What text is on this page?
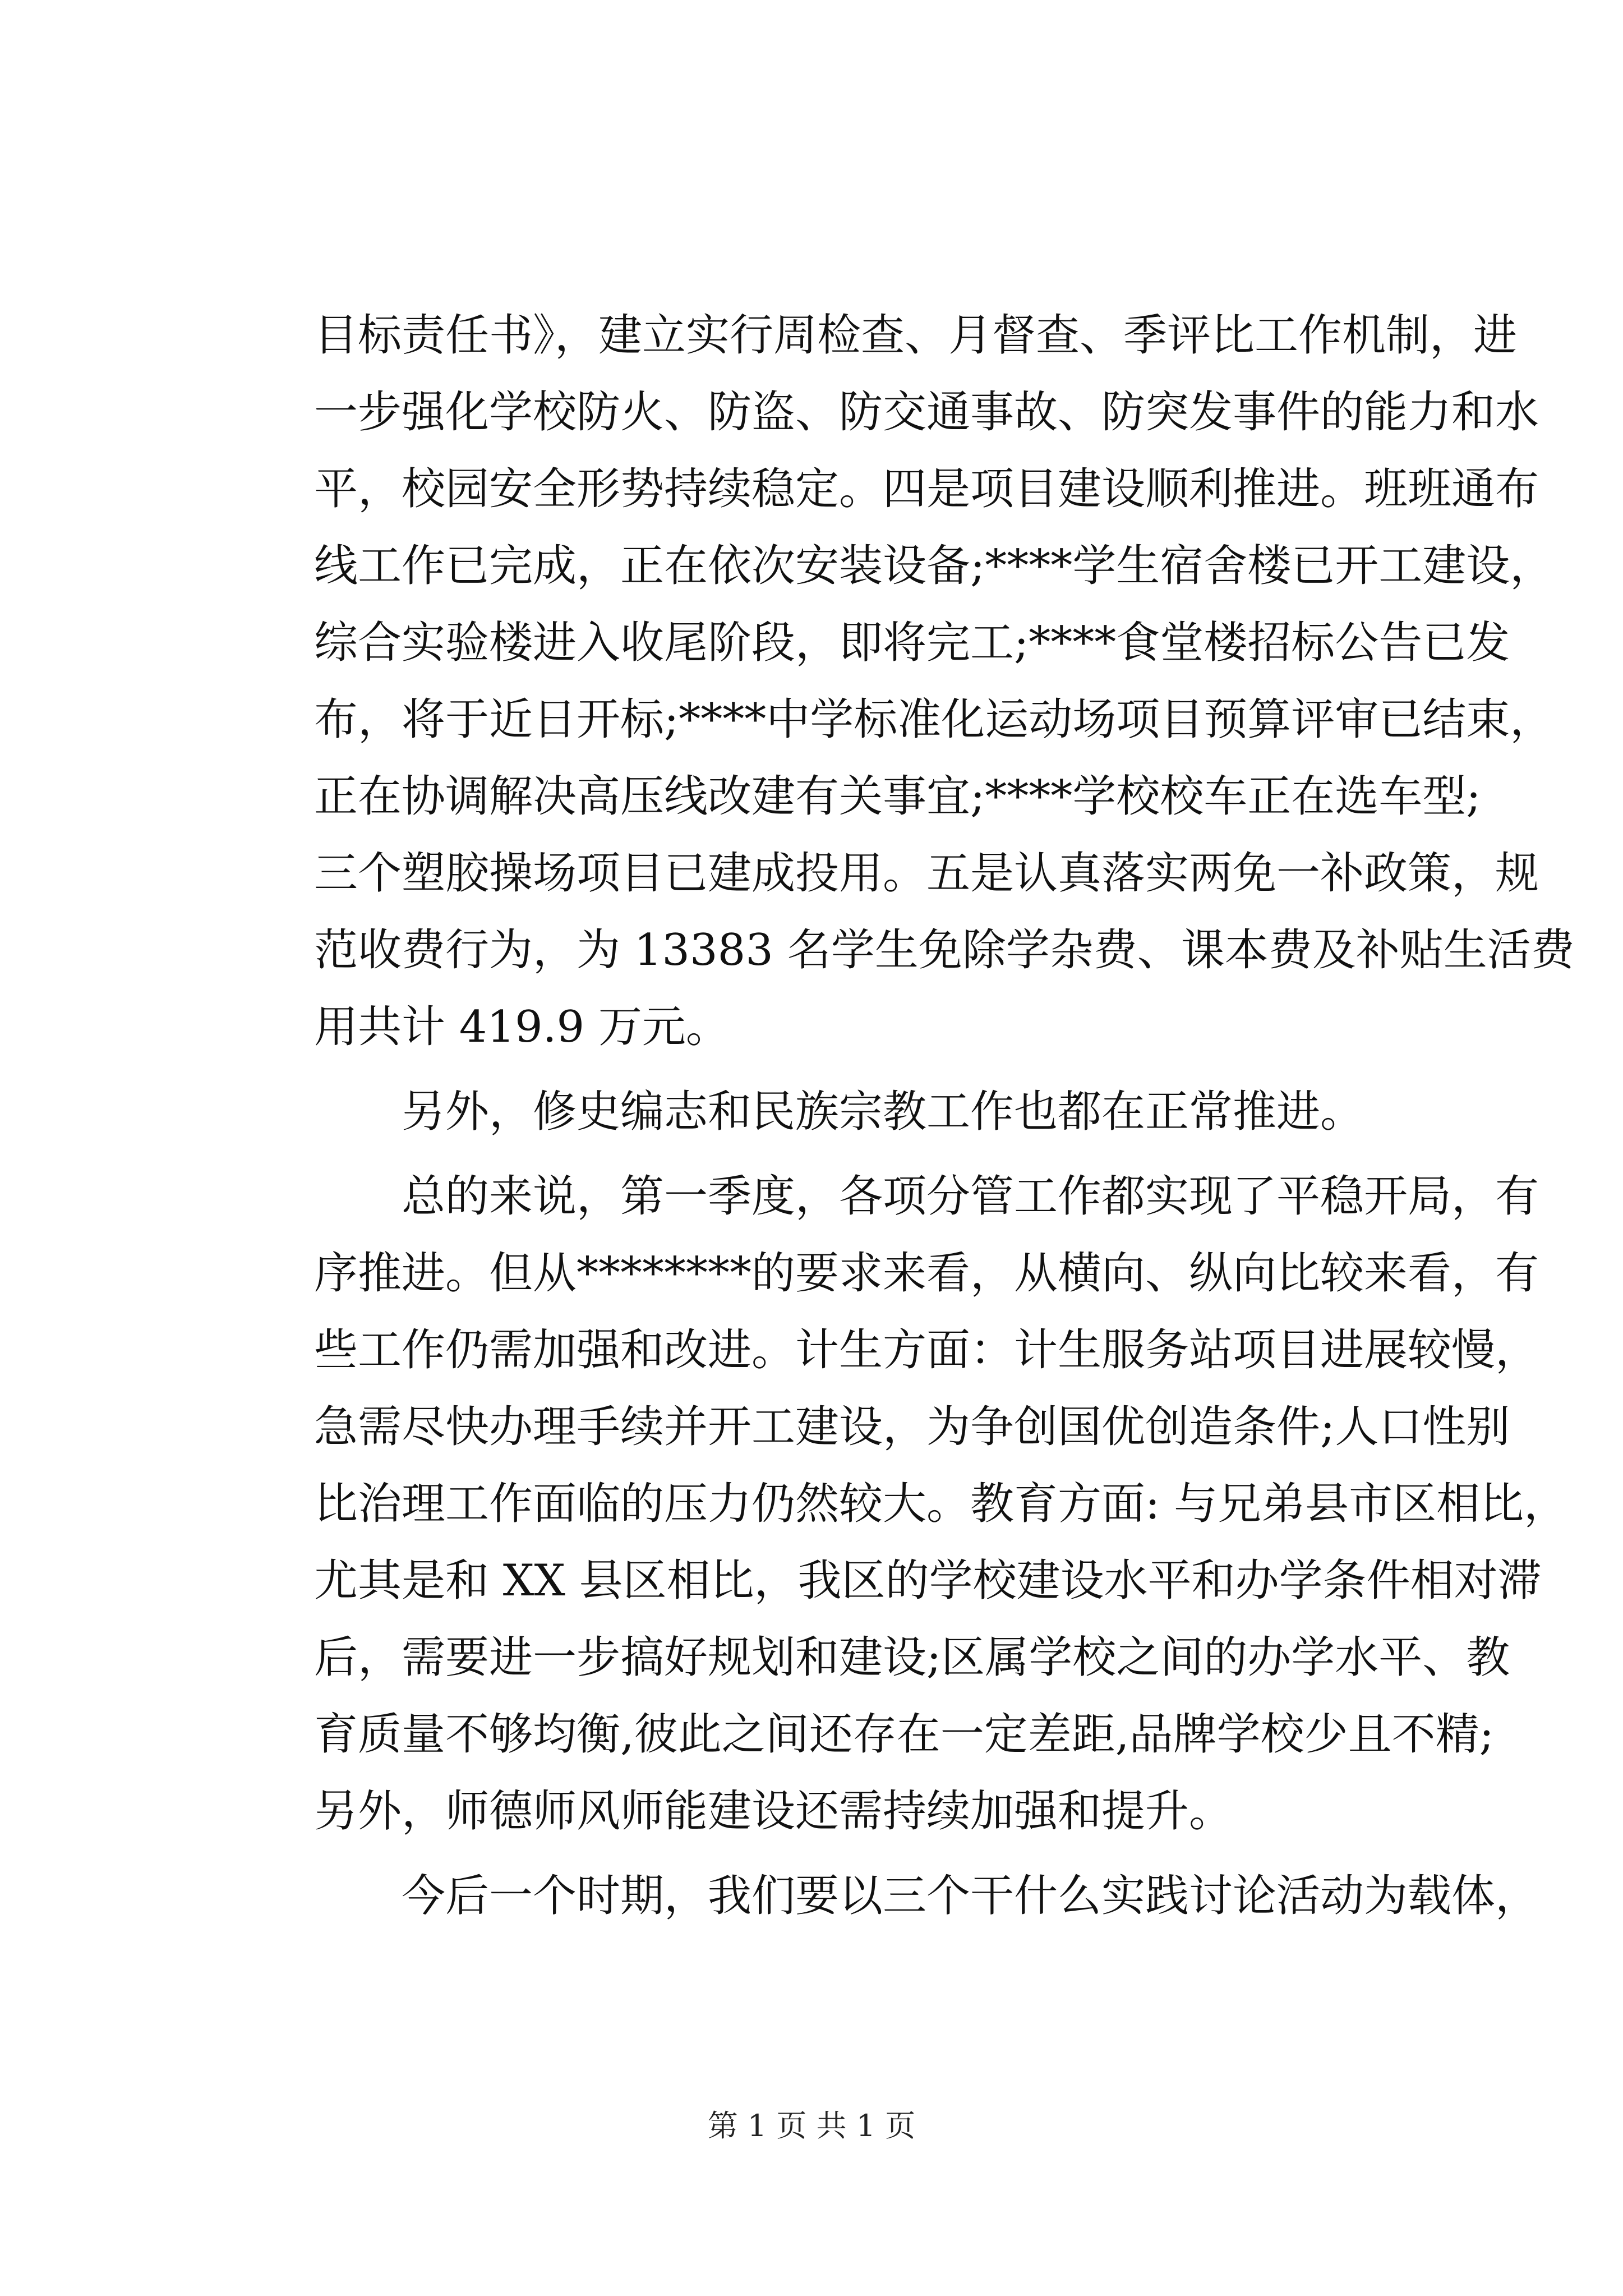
目标责任书》，建立实行周检查、月督查、季评比工作机制，进
一步强化学校防火、防盗、防交通事故、防突发事件的能力和水
平，校园安全形势持续稳定。四是项目建设顺利推进。班班通布
线工作已完成，正在依次安装设备;****学生宿舍楼已开工建设，
综合实验楼进入收尾阶段，即将完工;****食堂楼招标公告已发
布，将于近日开标;****中学标准化运动场项目预算评审已结束，
正在协调解决高压线改建有关事宜;****学校校车正在选车型;
三个塑胶操场项目已建成投用。五是认真落实两免一补政策，规
范收费行为，为 13383 名学生免除学杂费、课本费及补贴生活费
用共计 419.9 万元。
另外，修史编志和民族宗教工作也都在正常推进。
总的来说，第一季度，各项分管工作都实现了平稳开局，有
序推进。但从********的要求来看，从横向、纵向比较来看，有
些工作仍需加强和改进。计生方面：计生服务站项目进展较慢，
急需尽快办理手续并开工建设，为争创国优创造条件;人口性别
比治理工作面临的压力仍然较大。教育方面: 与兄弟县市区相比，
尤其是和 XX 县区相比，我区的学校建设水平和办学条件相对滞
后，需要进一步搞好规划和建设;区属学校之间的办学水平、教
育质量不够均衡,彼此之间还存在一定差距,品牌学校少且不精;
另外，师德师风师能建设还需持续加强和提升。
今后一个时期，我们要以三个干什么实践讨论活动为载体，
第 1 页 共 1 页
